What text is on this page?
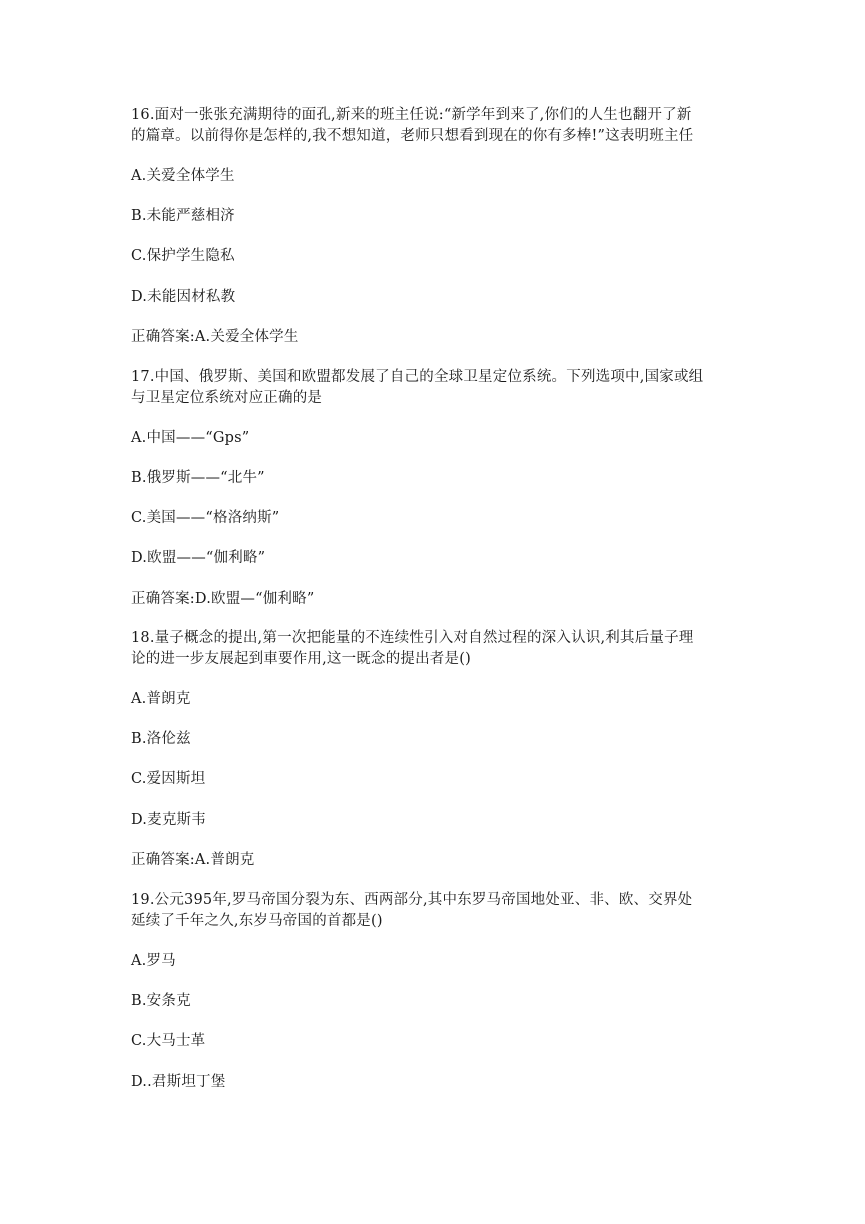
16.面对一张张充满期待的面孔,新来的班主任说:“新学年到来了,你们的人生也翻开了新
的篇章。以前得你是怎样的,我不想知道，老师只想看到现在的你有多棒!”这表明班主任
A.关爱全体学生
B.未能严慈相济
C.保护学生隐私
D.未能因材私教
正确答案:A.关爱全体学生
17.中国、俄罗斯、美国和欧盟都发展了自己的全球卫星定位系统。下列选项中,国家或组
与卫星定位系统对应正确的是
A.中国——“Gps”
B.俄罗斯——“北牛”
C.美国——“格洛纳斯”
D.欧盟——“伽利略”
正确答案:D.欧盟—“伽利略”
18.量子概念的提出,第一次把能量的不连续性引入对自然过程的深入认识,利其后量子理
论的进一步友展起到車要作用,这一既念的提出者是()
A.普朗克
B.洛伦兹
C.爱因斯坦
D.麦克斯韦
正确答案:A.普朗克
19.公元395年,罗马帝国分裂为东、西两部分,其中东罗马帝国地处亚、非、欧、交界处
延续了千年之久,东岁马帝国的首都是()
A.罗马
B.安条克
C.大马士革
D..君斯坦丁堡
